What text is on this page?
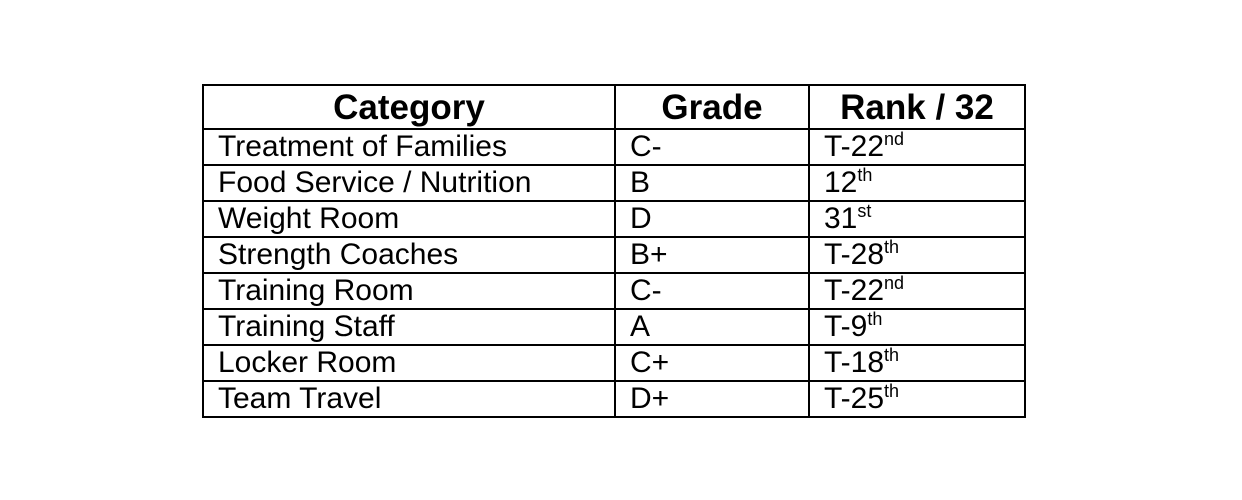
Category	Grade	Rank / 32
Treatment of Families	C-	T-22nd
Food Service / Nutrition	B	12th
Weight Room	D	31st
Strength Coaches	B+	T-28th
Training Room	C-	T-22nd
Training Staff	A	T-9th
Locker Room	C+	T-18th
Team Travel	D+	T-25th
